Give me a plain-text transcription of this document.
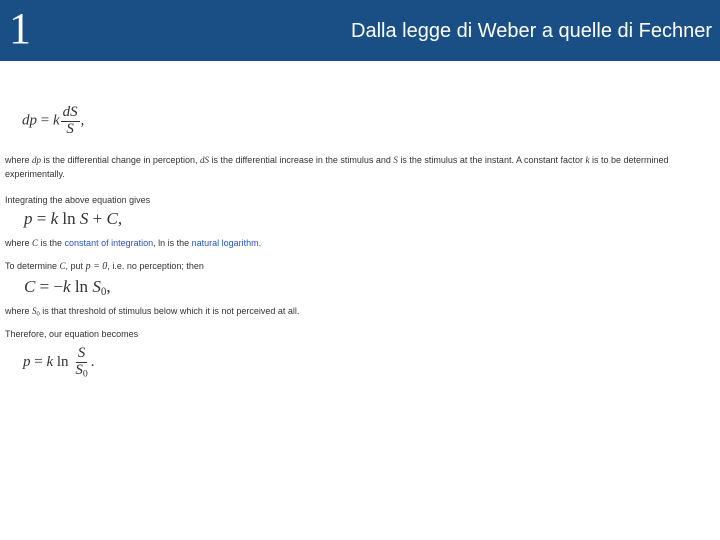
1	Dalla legge di Weber a quelle di Fechner
dp = k $\frac{dS}{S}$ ,
where dp is the differential change in perception, dS is the differential increase in the stimulus and S is the stimulus at the instant. A constant factor k is to be determined experimentally.
Integrating the above equation gives
p = k ln S + C,
where C is the constant of integration, ln is the natural logarithm.
To determine C, put p = 0, i.e. no perception; then
C = −k $\ln S_0$,
where $S_0$ is that threshold of stimulus below which it is not perceived at all.
Therefore, our equation becomes
p = k $\ln \frac{S}{S_0}$ .
